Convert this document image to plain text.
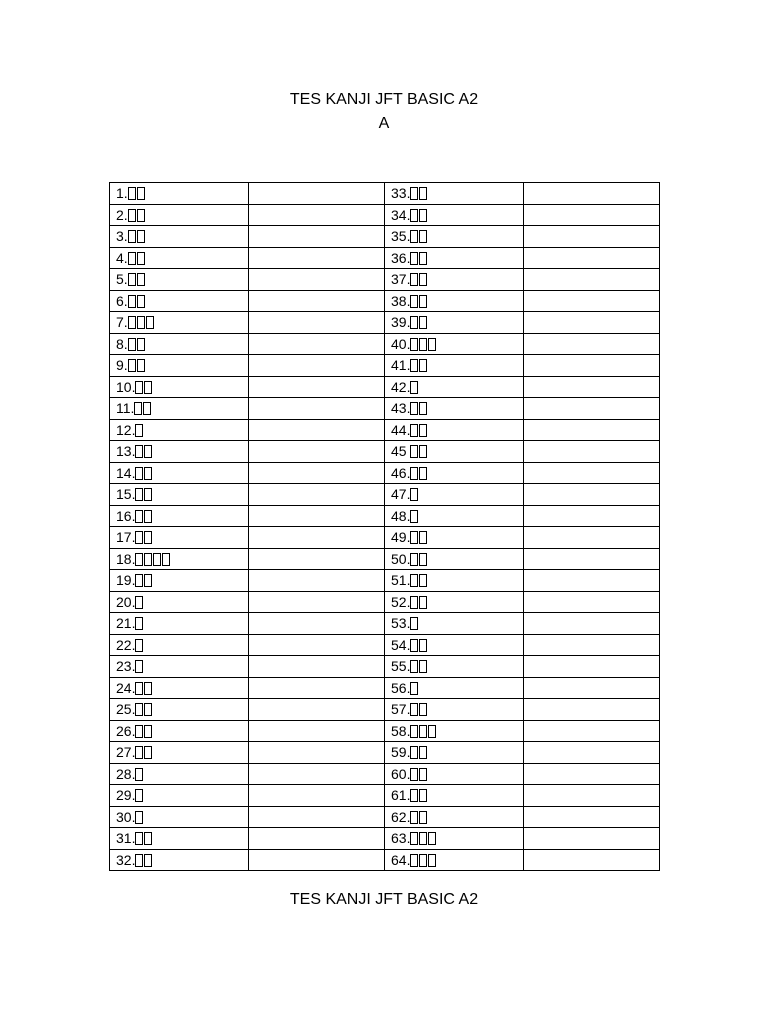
TES KANJI JFT BASIC A2
A
1.		33.	
2.		34.	
3.		35.	
4.		36.	
5.		37.	
6.		38.	
7.		39.	
8.		40.	
9.		41.	
10.		42.	
11.		43.	
12.		44.	
13.		45	
14.		46.	
15.		47.	
16.		48.	
17.		49.	
18.		50.	
19.		51.	
20.		52.	
21.		53.	
22.		54.	
23.		55.	
24.		56.	
25.		57.	
26.		58.	
27.		59.	
28.		60.	
29.		61.	
30.		62.	
31.		63.	
32.		64.	
TES KANJI JFT BASIC A2
